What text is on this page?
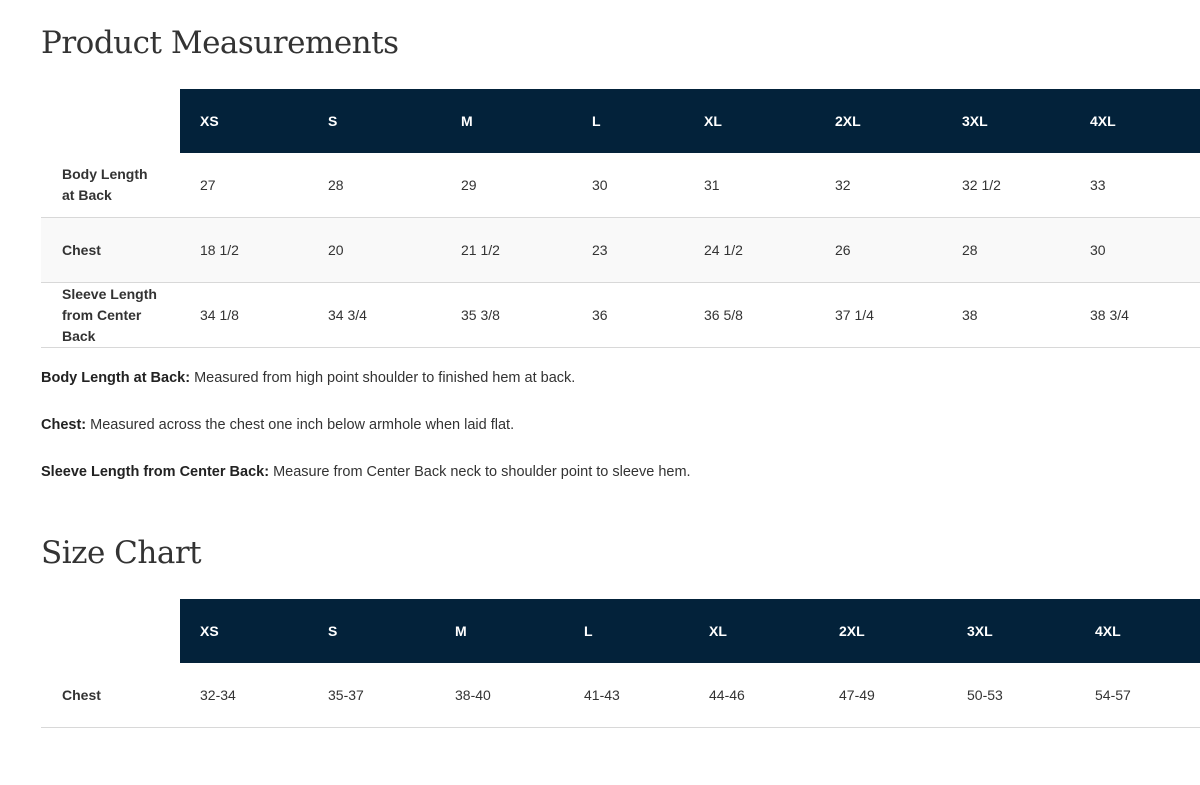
Product Measurements
	XS	S	M	L	XL	2XL	3XL	4XL
Body Length at Back	27	28	29	30	31	32	32 1/2	33
Chest	18 1/2	20	21 1/2	23	24 1/2	26	28	30
Sleeve Length from Center Back	34 1/8	34 3/4	35 3/8	36	36 5/8	37 1/4	38	38 3/4

Body Length at Back: Measured from high point shoulder to finished hem at back.

Chest: Measured across the chest one inch below armhole when laid flat.

Sleeve Length from Center Back: Measure from Center Back neck to shoulder point to sleeve hem.

Size Chart
	XS	S	M	L	XL	2XL	3XL	4XL
Chest	32-34	35-37	38-40	41-43	44-46	47-49	50-53	54-57
